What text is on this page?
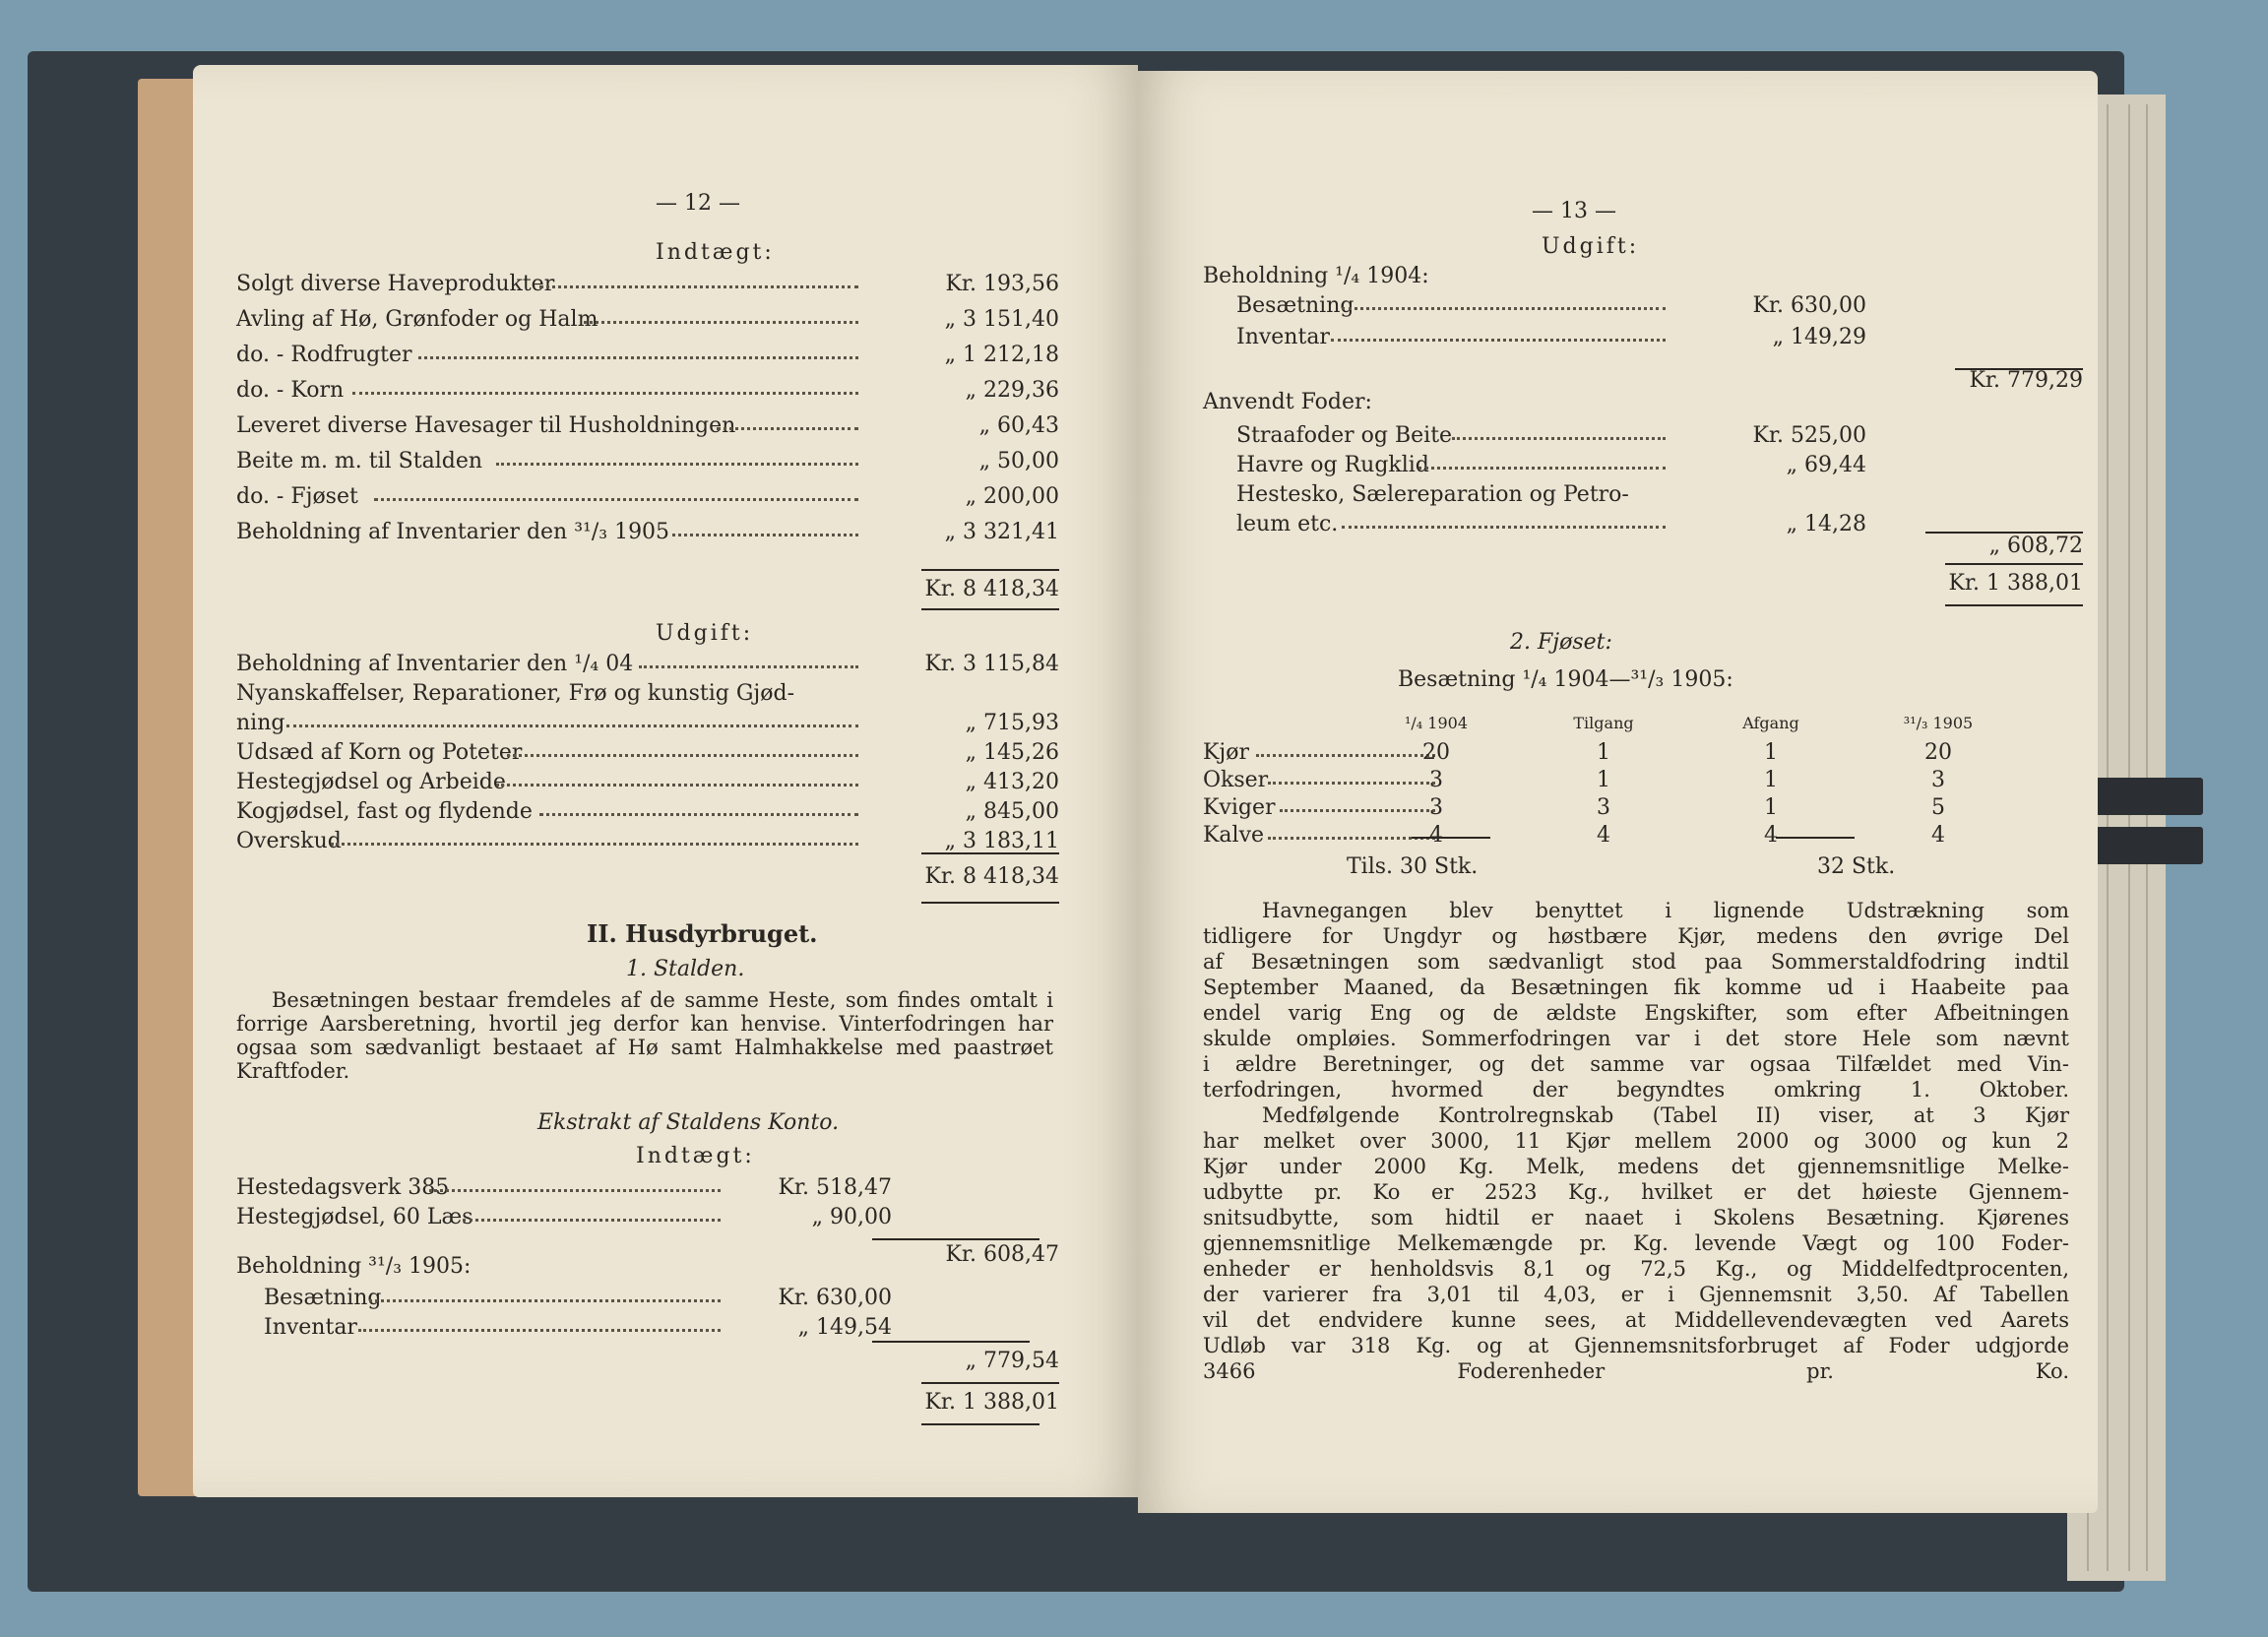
— 12 —
Indtægt:
Solgt diverse Haveprodukter	Kr. 193,56
Avling af Hø, Grønfoder og Halm	„ 3 151,40
do. - Rodfrugter	„ 1 212,18
do. - Korn	„ 229,36
Leveret diverse Havesager til Husholdningen	„ 60,43
Beite m. m. til Stalden	„ 50,00
do. - Fjøset	„ 200,00
Beholdning af Inventarier den ³¹/₃ 1905	„ 3 321,41
Kr. 8 418,34
Udgift:
Beholdning af Inventarier den ¹/₄ 04	Kr. 3 115,84
Nyanskaffelser, Reparationer, Frø og kunstig Gjød-
ning	„ 715,93
Udsæd af Korn og Poteter	„ 145,26
Hestegjødsel og Arbeide	„ 413,20
Kogjødsel, fast og flydende	„ 845,00
Overskud	„ 3 183,11
Kr. 8 418,34
II. Husdyrbruget.
1. Stalden.
Besætningen bestaar fremdeles af de samme Heste, som findes omtalt i forrige Aarsberetning, hvortil jeg derfor kan henvise. Vinterfodringen har ogsaa som sædvanligt bestaaet af Hø samt Halmhakkelse med paastrøet Kraftfoder.
Ekstrakt af Staldens Konto.
Indtægt:
Hestedagsverk 385	Kr. 518,47
Hestegjødsel, 60 Læs	„ 90,00
Kr. 608,47
Beholdning ³¹/₃ 1905:
Besætning	Kr. 630,00
Inventar	„ 149,54
„ 779,54
Kr. 1 388,01
— 13 —
Udgift:
Beholdning ¹/₄ 1904:
Besætning	Kr. 630,00
Inventar	„ 149,29
Kr. 779,29
Anvendt Foder:
Straafoder og Beite	Kr. 525,00
Havre og Rugklid	„ 69,44
Hestesko, Sælereparation og Petro-
leum etc.	„ 14,28
„ 608,72
Kr. 1 388,01
2. Fjøset:
Besætning ¹/₄ 1904—³¹/₃ 1905:
¹/₄ 1904	Tilgang	Afgang	³¹/₃ 1905
Kjør	20	1	1	20
Okser	3	1	1	3
Kviger	3	3	1	5
Kalve	4	4	4	4
Tils. 30 Stk.	32 Stk.
Havnegangen blev benyttet i lignende Udstrækning som
tidligere for Ungdyr og høstbære Kjør, medens den øvrige Del
af Besætningen som sædvanligt stod paa Sommerstaldfodring indtil
September Maaned, da Besætningen fik komme ud i Haabeite paa
endel varig Eng og de ældste Engskifter, som efter Afbeitningen
skulde ompløies. Sommerfodringen var i det store Hele som nævnt
i ældre Beretninger, og det samme var ogsaa Tilfældet med Vin-
terfodringen, hvormed der begyndtes omkring 1. Oktober.
Medfølgende Kontrolregnskab (Tabel II) viser, at 3 Kjør
har melket over 3000, 11 Kjør mellem 2000 og 3000 og kun 2
Kjør under 2000 Kg. Melk, medens det gjennemsnitlige Melke-
udbytte pr. Ko er 2523 Kg., hvilket er det høieste Gjennem-
snitsudbytte, som hidtil er naaet i Skolens Besætning. Kjørenes
gjennemsnitlige Melkemængde pr. Kg. levende Vægt og 100 Foder-
enheder er henholdsvis 8,1 og 72,5 Kg., og Middelfedtprocenten,
der varierer fra 3,01 til 4,03, er i Gjennemsnit 3,50. Af Tabellen
vil det endvidere kunne sees, at Middellevendevægten ved Aarets
Udløb var 318 Kg. og at Gjennemsnitsforbruget af Foder udgjorde
3466 Foderenheder pr. Ko.
